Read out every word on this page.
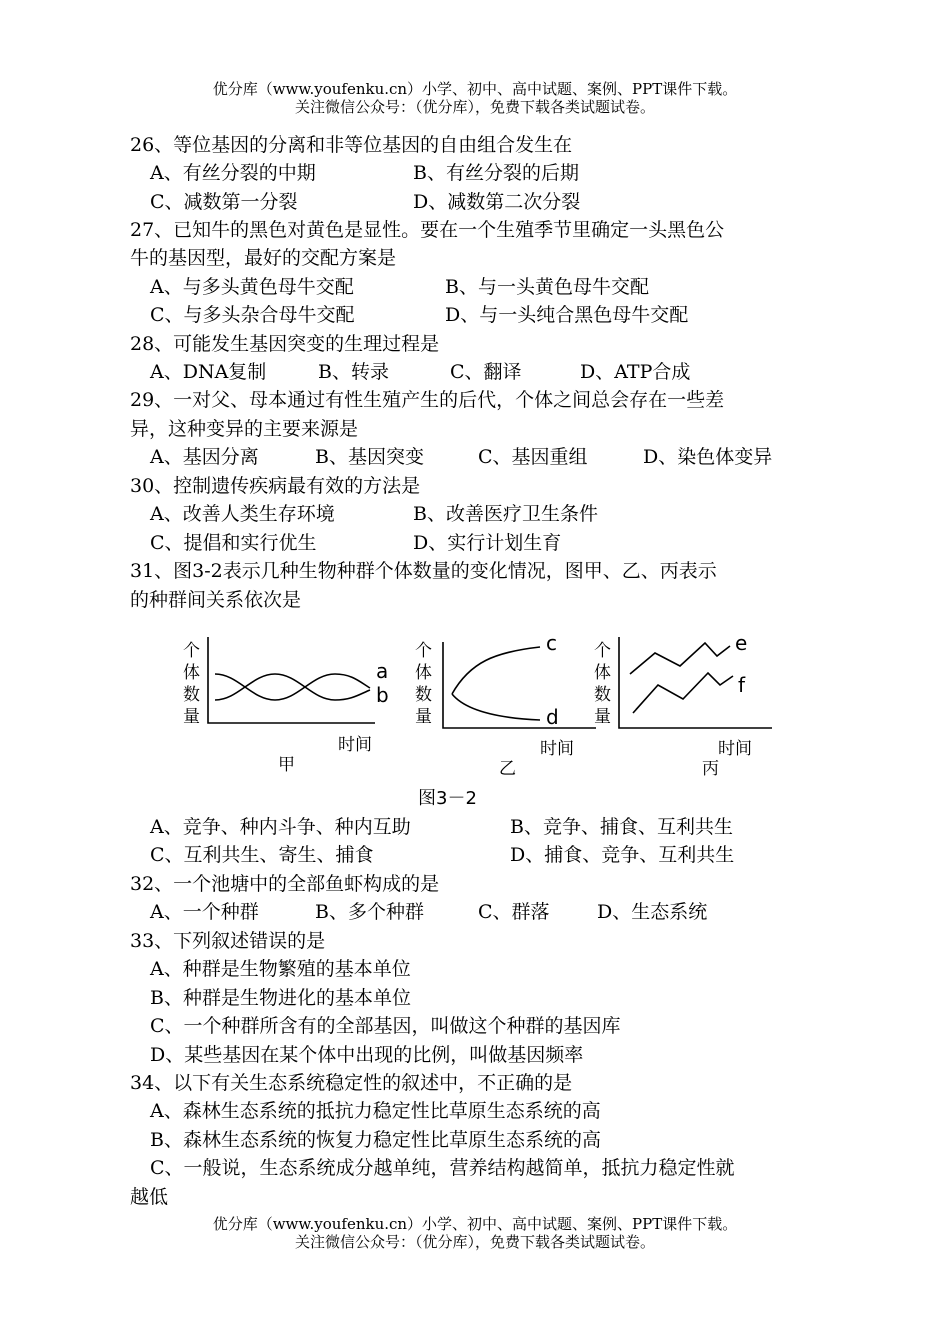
优分库（www.youfenku.cn）小学、初中、高中试题、案例、PPT课件下载。
关注微信公众号：（优分库），免费下载各类试题试卷。
26、等位基因的分离和非等位基因的自由组合发生在
A、有丝分裂的中期	B、有丝分裂的后期
C、减数第一分裂	D、减数第二次分裂
27、已知牛的黑色对黄色是显性。要在一个生殖季节里确定一头黑色公
牛的基因型，最好的交配方案是
A、与多头黄色母牛交配	B、与一头黄色母牛交配
C、与多头杂合母牛交配	D、与一头纯合黑色母牛交配
28、可能发生基因突变的生理过程是
A、DNA复制	B、转录	C、翻译	D、ATP合成
29、一对父、母本通过有性生殖产生的后代，个体之间总会存在一些差
异，这种变异的主要来源是
A、基因分离	B、基因突变	C、基因重组	D、染色体变异
30、控制遗传疾病最有效的方法是
A、改善人类生存环境	B、改善医疗卫生条件
C、提倡和实行优生	D、实行计划生育
31、图3-2表示几种生物种群个体数量的变化情况，图甲、乙、丙表示
的种群间关系依次是
个
体
数
量
个
体
数
量
个
体
数
量
时间	时间	时间
甲	乙	丙
a
b
c
d
e
f
图3－2
A、竞争、种内斗争、种内互助	B、竞争、捕食、互利共生
C、互利共生、寄生、捕食	D、捕食、竞争、互利共生
32、一个池塘中的全部鱼虾构成的是
A、一个种群	B、多个种群	C、群落 D、生态系统
33、下列叙述错误的是
A、种群是生物繁殖的基本单位
B、种群是生物进化的基本单位
C、一个种群所含有的全部基因，叫做这个种群的基因库
D、某些基因在某个体中出现的比例，叫做基因频率
34、以下有关生态系统稳定性的叙述中，不正确的是
A、森林生态系统的抵抗力稳定性比草原生态系统的高
B、森林生态系统的恢复力稳定性比草原生态系统的高
C、一般说，生态系统成分越单纯，营养结构越简单，抵抗力稳定性就
越低
优分库（www.youfenku.cn）小学、初中、高中试题、案例、PPT课件下载。
关注微信公众号：（优分库），免费下载各类试题试卷。
